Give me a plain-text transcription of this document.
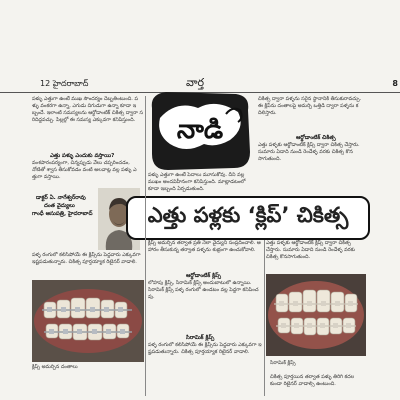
12 హైదరాబాద్	వార్త	8

పళ్ళు ఎత్తుగా ఉంటే ముఖ సౌందర్యం దెబ్బతింటుంది. పళ్ళు వంకరగా ఉన్నా, ఎగుడు దిగుడుగా ఉన్నా కూడా ఇబ్బందే. ఇలాంటి సమస్యలను ఆర్థోడాంటిక్ చికిత్స ద్వారా సరిదిద్దవచ్చు. పిల్లల్లో ఈ సమస్య ఎక్కువగా కనిపిస్తుంది.

ఎత్తు పళ్ళు ఎందుకు వస్తాయి?

వంశపారంపర్యంగా, చిన్నప్పుడు వేలు చప్పరించడం, నోటితో శ్వాస తీసుకోవడం వంటి అలవాట్ల వల్ల పళ్ళు ఎత్తుగా వస్తాయి.

డాక్టర్ ఏ. నాగేశ్వర్‌రావు
దంత వైద్యులు
గాంధీ ఆసుపత్రి, హైదరాబాద్

పళ్ళ రంగులో కలిసిపోయే ఈ క్లిప్స్‌ను పెద్దవారు ఎక్కువగా ఇష్టపడుతున్నారు. చికిత్స పూర్తయ్యాక రిటైనర్ వాడాలి.

నాడి

పళ్ళు ఎత్తుగా ఉంటే పెదాలు మూసుకోవు. దీని వల్ల ముఖం అందవిహీనంగా కనిపిస్తుంది. మాట్లాడటంలో కూడా ఇబ్బంది ఏర్పడుతుంది.

చికిత్స ద్వారా పళ్ళను సరైన స్థానానికి తీసుకురావచ్చు. ఈ క్లిప్‌ను దంతాలపై అమర్చి ఒత్తిడి ద్వారా పళ్ళను కదిలిస్తారు.

ఆర్థోడాంటిక్ చికిత్స

ఎత్తు పళ్ళకు ఆర్థోడాంటిక్ క్లిప్స్ ద్వారా చికిత్స చేస్తారు. సుమారు ఏడాది నుండి రెండేళ్ళ వరకు చికిత్స కొనసాగుతుంది.

ఎత్తు పళ్లకు ‘క్లిప్’ చికిత్స

క్లిప్స్ అమర్చిన తర్వాత ప్రతి నెలా వైద్యుని సంప్రదించాలి. ఆహారం తీసుకున్న తర్వాత పళ్ళను శుభ్రంగా ఉంచుకోవాలి.

ఆర్థోడాంటిక్ క్లిప్స్

లోహపు క్లిప్స్, సిరామిక్ క్లిప్స్ అందుబాటులో ఉన్నాయి. సిరామిక్ క్లిప్స్ పళ్ళ రంగులో ఉండటం వల్ల పెద్దగా కనిపించవు.

సిరామిక్ క్లిప్స్

పళ్ళ రంగులో కలిసిపోయే ఈ క్లిప్స్‌ను పెద్దవారు ఎక్కువగా ఇష్టపడుతున్నారు. చికిత్స పూర్తయ్యాక రిటైనర్ వాడాలి.

ఎత్తు పళ్ళకు ఆర్థోడాంటిక్ క్లిప్స్ ద్వారా చికిత్స చేస్తారు. సుమారు ఏడాది నుండి రెండేళ్ళ వరకు చికిత్స కొనసాగుతుంది.

క్లిప్స్ అమర్చిన దంతాలు

సిరామిక్ క్లిప్స్

చికిత్స పూర్తయిన తర్వాత పళ్ళు తిరిగి కదలకుండా రిటైనర్ వాడాల్సి ఉంటుంది.
